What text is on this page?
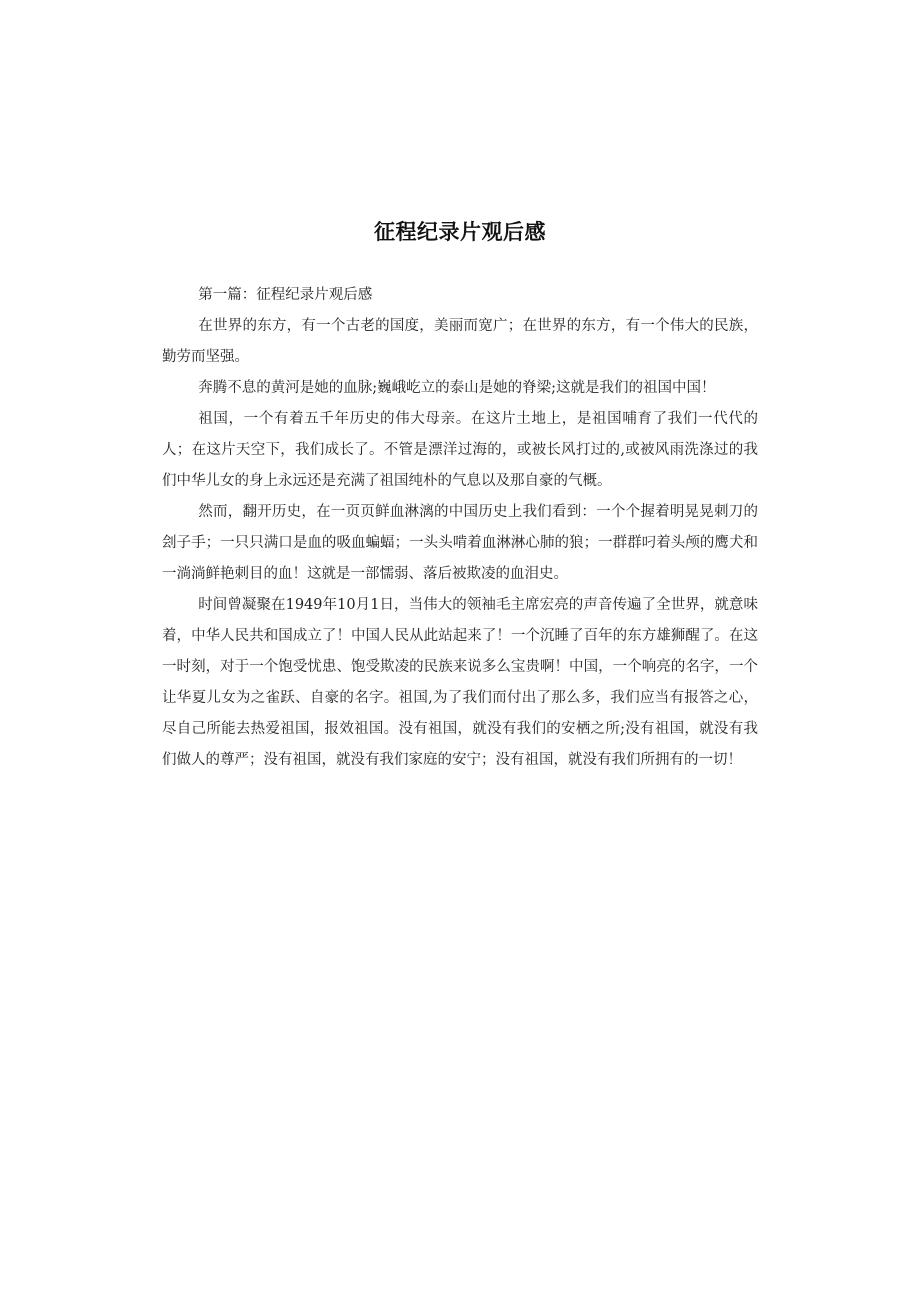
征程纪录片观后感

第一篇：征程纪录片观后感

在世界的东方，有一个古老的国度，美丽而宽广；在世界的东方，有一个伟大的民族，勤劳而坚强。

奔腾不息的黄河是她的血脉;巍峨屹立的泰山是她的脊梁;这就是我们的祖国中国！

祖国，一个有着五千年历史的伟大母亲。在这片土地上，是祖国哺育了我们一代代的人；在这片天空下，我们成长了。不管是漂洋过海的，或被长风打过的,或被风雨洗涤过的我们中华儿女的身上永远还是充满了祖国纯朴的气息以及那自豪的气概。

然而，翻开历史，在一页页鲜血淋漓的中国历史上我们看到：一个个握着明晃晃刺刀的刽子手；一只只满口是血的吸血蝙蝠；一头头啃着血淋淋心肺的狼；一群群叼着头颅的鹰犬和一淌淌鲜艳刺目的血！这就是一部懦弱、落后被欺凌的血泪史。

时间曾凝聚在1949年10月1日，当伟大的领袖毛主席宏亮的声音传遍了全世界，就意味着，中华人民共和国成立了！中国人民从此站起来了！一个沉睡了百年的东方雄狮醒了。在这一时刻，对于一个饱受忧患、饱受欺凌的民族来说多么宝贵啊！中国，一个响亮的名字，一个让华夏儿女为之雀跃、自豪的名字。祖国,为了我们而付出了那么多，我们应当有报答之心，尽自己所能去热爱祖国，报效祖国。没有祖国，就没有我们的安栖之所;没有祖国，就没有我们做人的尊严；没有祖国，就没有我们家庭的安宁；没有祖国，就没有我们所拥有的一切！
